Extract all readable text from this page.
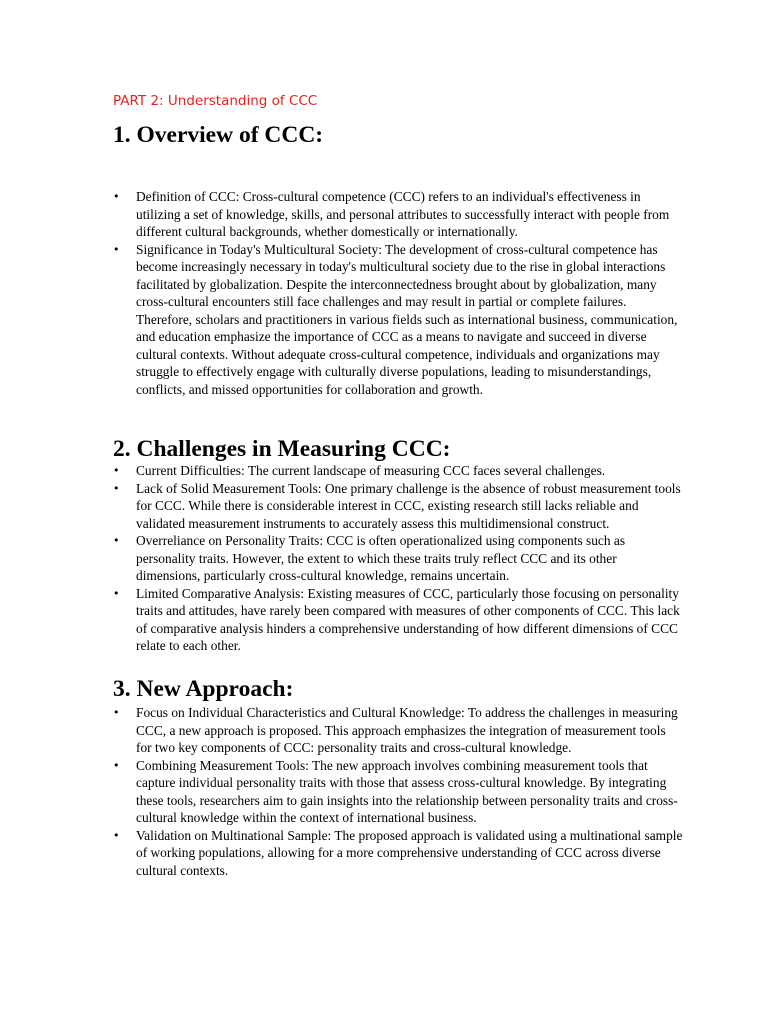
PART 2: Understanding of CCC

1. Overview of CCC:
• Definition of CCC: Cross-cultural competence (CCC) refers to an individual's effectiveness in utilizing a set of knowledge, skills, and personal attributes to successfully interact with people from different cultural backgrounds, whether domestically or internationally.
• Significance in Today's Multicultural Society: The development of cross-cultural competence has become increasingly necessary in today's multicultural society due to the rise in global interactions facilitated by globalization. Despite the interconnectedness brought about by globalization, many cross-cultural encounters still face challenges and may result in partial or complete failures. Therefore, scholars and practitioners in various fields such as international business, communication, and education emphasize the importance of CCC as a means to navigate and succeed in diverse cultural contexts. Without adequate cross-cultural competence, individuals and organizations may struggle to effectively engage with culturally diverse populations, leading to misunderstandings, conflicts, and missed opportunities for collaboration and growth.
2. Challenges in Measuring CCC:
• Current Difficulties: The current landscape of measuring CCC faces several challenges.
• Lack of Solid Measurement Tools: One primary challenge is the absence of robust measurement tools for CCC. While there is considerable interest in CCC, existing research still lacks reliable and validated measurement instruments to accurately assess this multidimensional construct.
• Overreliance on Personality Traits: CCC is often operationalized using components such as personality traits. However, the extent to which these traits truly reflect CCC and its other dimensions, particularly cross-cultural knowledge, remains uncertain.
• Limited Comparative Analysis: Existing measures of CCC, particularly those focusing on personality traits and attitudes, have rarely been compared with measures of other components of CCC. This lack of comparative analysis hinders a comprehensive understanding of how different dimensions of CCC relate to each other.
3. New Approach:
• Focus on Individual Characteristics and Cultural Knowledge: To address the challenges in measuring CCC, a new approach is proposed. This approach emphasizes the integration of measurement tools for two key components of CCC: personality traits and cross-cultural knowledge.
• Combining Measurement Tools: The new approach involves combining measurement tools that capture individual personality traits with those that assess cross-cultural knowledge. By integrating these tools, researchers aim to gain insights into the relationship between personality traits and cross-cultural knowledge within the context of international business.
• Validation on Multinational Sample: The proposed approach is validated using a multinational sample of working populations, allowing for a more comprehensive understanding of CCC across diverse cultural contexts.
